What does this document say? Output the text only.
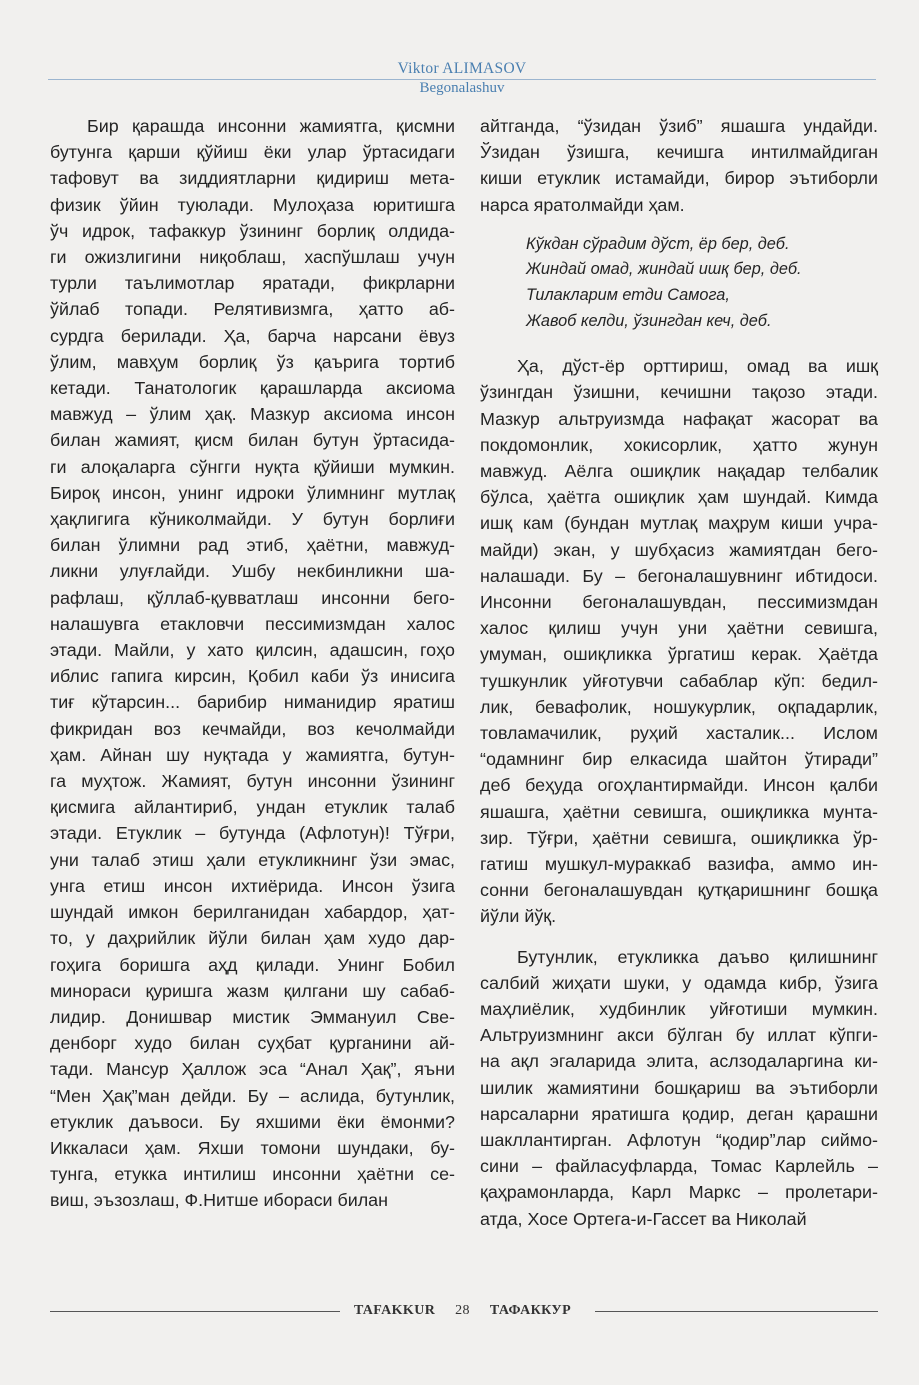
Viktor ALIMASOV
Begonalashuv

Бир қарашда инсонни жамиятга, қисмни
бутунга қарши қўйиш ёки улар ўртасидаги
тафовут ва зиддиятларни қидириш мета-
физик ўйин туюлади. Мулоҳаза юритишга
ўч идрок, тафаккур ўзининг борлиқ олдида-
ги ожизлигини ниқоблаш, хаспўшлаш учун
турли таълимотлар яратади, фикрларни
ўйлаб топади. Релятивизмга, ҳатто аб-
сурдга берилади. Ҳа, барча нарсани ёвуз
ўлим, мавҳум борлиқ ўз қаърига тортиб
кетади. Танатологик қарашларда аксиома
мавжуд – ўлим ҳақ. Мазкур аксиома инсон
билан жамият, қисм билан бутун ўртасида-
ги алоқаларга сўнгги нуқта қўйиши мумкин.
Бироқ инсон, унинг идроки ўлимнинг мутлақ
ҳақлигига кўниколмайди. У бутун борлиғи
билан ўлимни рад этиб, ҳаётни, мавжуд-
ликни улуғлайди. Ушбу некбинликни ша-
рафлаш, қўллаб-қувватлаш инсонни бего-
налашувга етакловчи пессимизмдан халос
этади. Майли, у хато қилсин, адашсин, гоҳо
иблис гапига кирсин, Қобил каби ўз инисига
тиғ кўтарсин... барибир ниманидир яратиш
фикридан воз кечмайди, воз кечолмайди
ҳам. Айнан шу нуқтада у жамиятга, бутун-
га муҳтож. Жамият, бутун инсонни ўзининг
қисмига айлантириб, ундан етуклик талаб
этади. Етуклик – бутунда (Афлотун)! Тўғри,
уни талаб этиш ҳали етукликнинг ўзи эмас,
унга етиш инсон ихтиёрида. Инсон ўзига
шундай имкон берилганидан хабардор, ҳат-
то, у даҳрийлик йўли билан ҳам худо дар-
гоҳига боришга аҳд қилади. Унинг Бобил
минораси қуришга жазм қилгани шу сабаб-
лидир. Донишвар мистик Эммануил Све-
денборг худо билан суҳбат қурганини ай-
тади. Мансур Ҳаллож эса “Анал Ҳақ”, яъни
“Мен Ҳақ”ман дейди. Бу – аслида, бутунлик,
етуклик даъвоси. Бу яхшими ёки ёмонми?
Иккаласи ҳам. Яхши томони шундаки, бу-
тунга, етукка интилиш инсонни ҳаётни се-
виш, эъзозлаш, Ф.Нитше ибораси билан

айтганда, “ўзидан ўзиб” яшашга ундайди.
Ўзидан ўзишга, кечишга интилмайдиган
киши етуклик истамайди, бирор эътиборли
нарса яратолмайди ҳам.

Кўкдан сўрадим дўст, ёр бер, деб.
Жиндай омад, жиндай ишқ бер, деб.
Тилакларим етди Самога,
Жавоб келди, ўзингдан кеч, деб.

Ҳа, дўст-ёр орттириш, омад ва ишқ
ўзингдан ўзишни, кечишни тақозо этади.
Мазкур альтруизмда нафақат жасорат ва
покдомонлик, хокисорлик, ҳатто жунун
мавжуд. Аёлга ошиқлик нақадар телбалик
бўлса, ҳаётга ошиқлик ҳам шундай. Кимда
ишқ кам (бундан мутлақ маҳрум киши учра-
майди) экан, у шубҳасиз жамиятдан бего-
налашади. Бу – бегоналашувнинг ибтидоси.
Инсонни бегоналашувдан, пессимизмдан
халос қилиш учун уни ҳаётни севишга,
умуман, ошиқликка ўргатиш керак. Ҳаётда
тушкунлик уйғотувчи сабаблар кўп: бедил-
лик, бевафолик, ношукурлик, оқпадарлик,
товламачилик, руҳий хасталик... Ислом
“одамнинг бир елкасида шайтон ўтиради”
деб беҳуда огоҳлантирмайди. Инсон қалби
яшашга, ҳаётни севишга, ошиқликка мунта-
зир. Тўғри, ҳаётни севишга, ошиқликка ўр-
гатиш мушкул-мураккаб вазифа, аммо ин-
сонни бегоналашувдан қутқаришнинг бошқа
йўли йўқ.

Бутунлик, етукликка даъво қилишнинг
салбий жиҳати шуки, у одамда кибр, ўзига
маҳлиёлик, худбинлик уйғотиши мумкин.
Альтруизмнинг акси бўлган бу иллат кўпги-
на ақл эгаларида элита, аслзодаларгина ки-
шилик жамиятини бошқариш ва эътиборли
нарсаларни яратишга қодир, деган қарашни
шакллантирган. Афлотун “қодир”лар сиймо-
сини – файласуфларда, Томас Карлейль –
қаҳрамонларда, Карл Маркс – пролетари-
атда, Хосе Ортега-и-Гассет ва Николай

TAFAKKUR 28 ТАФАККУР
